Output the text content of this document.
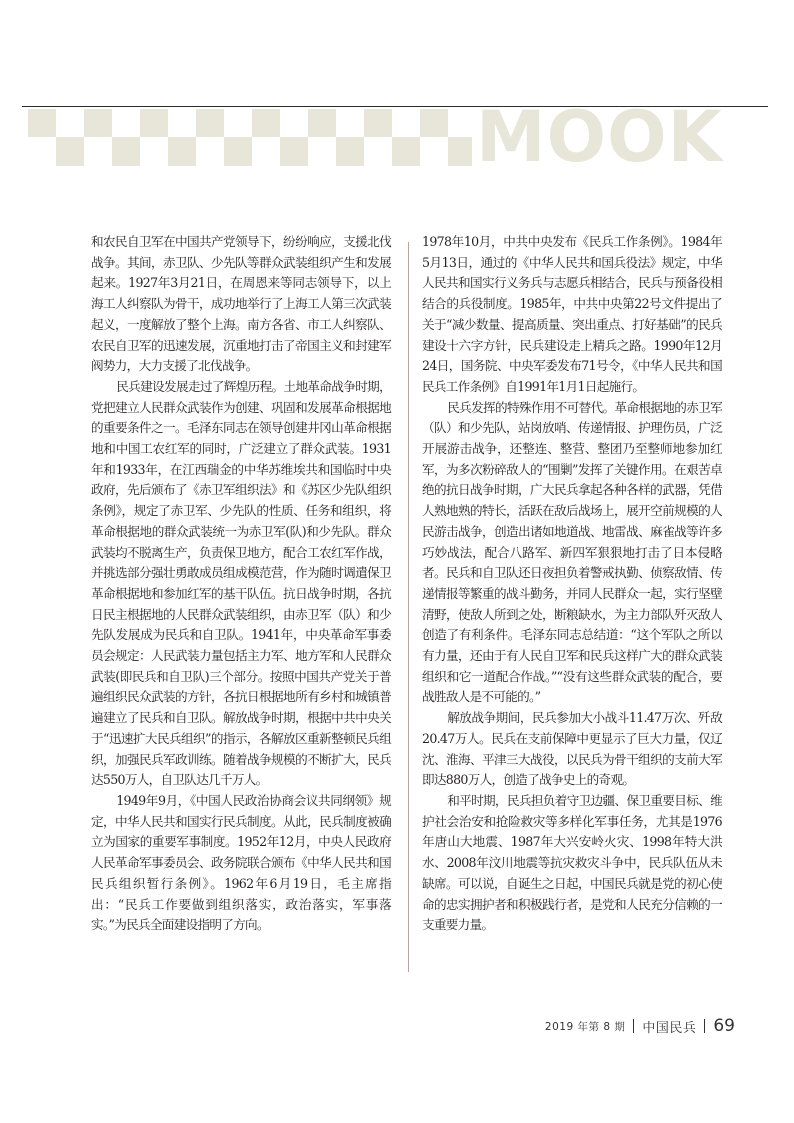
MOOK

和农民自卫军在中国共产党领导下，纷纷响应，支援北伐战争。其间，赤卫队、少先队等群众武装组织产生和发展起来。1927年3月21日，在周恩来等同志领导下，以上海工人纠察队为骨干，成功地举行了上海工人第三次武装起义，一度解放了整个上海。南方各省、市工人纠察队、农民自卫军的迅速发展，沉重地打击了帝国主义和封建军阀势力，大力支援了北伐战争。

民兵建设发展走过了辉煌历程。土地革命战争时期，党把建立人民群众武装作为创建、巩固和发展革命根据地的重要条件之一。毛泽东同志在领导创建井冈山革命根据地和中国工农红军的同时，广泛建立了群众武装。1931年和1933年，在江西瑞金的中华苏维埃共和国临时中央政府，先后颁布了《赤卫军组织法》和《苏区少先队组织条例》，规定了赤卫军、少先队的性质、任务和组织，将革命根据地的群众武装统一为赤卫军(队)和少先队。群众武装均不脱离生产，负责保卫地方，配合工农红军作战，并挑选部分强壮勇敢成员组成模范营，作为随时调遣保卫革命根据地和参加红军的基干队伍。抗日战争时期，各抗日民主根据地的人民群众武装组织，由赤卫军（队）和少先队发展成为民兵和自卫队。1941年，中央革命军事委员会规定：人民武装力量包括主力军、地方军和人民群众武装(即民兵和自卫队)三个部分。按照中国共产党关于普遍组织民众武装的方针，各抗日根据地所有乡村和城镇普遍建立了民兵和自卫队。解放战争时期，根据中共中央关于“迅速扩大民兵组织”的指示，各解放区重新整顿民兵组织，加强民兵军政训练。随着战争规模的不断扩大，民兵达550万人，自卫队达几千万人。

1949年9月，《中国人民政治协商会议共同纲领》规定，中华人民共和国实行民兵制度。从此，民兵制度被确立为国家的重要军事制度。1952年12月，中央人民政府人民革命军事委员会、政务院联合颁布《中华人民共和国民兵组织暂行条例》。1962年6月19日，毛主席指出：“民兵工作要做到组织落实，政治落实，军事落实。”为民兵全面建设指明了方向。

1978年10月，中共中央发布《民兵工作条例》。1984年5月13日，通过的《中华人民共和国兵役法》规定，中华人民共和国实行义务兵与志愿兵相结合，民兵与预备役相结合的兵役制度。1985年，中共中央第22号文件提出了关于“减少数量、提高质量、突出重点、打好基础”的民兵建设十六字方针，民兵建设走上精兵之路。1990年12月24日，国务院、中央军委发布71号令，《中华人民共和国民兵工作条例》自1991年1月1日起施行。

民兵发挥的特殊作用不可替代。革命根据地的赤卫军（队）和少先队，站岗放哨、传递情报、护理伤员，广泛开展游击战争，还整连、整营、整团乃至整师地参加红军，为多次粉碎敌人的“围剿”发挥了关键作用。在艰苦卓绝的抗日战争时期，广大民兵拿起各种各样的武器，凭借人熟地熟的特长，活跃在敌后战场上，展开空前规模的人民游击战争，创造出诸如地道战、地雷战、麻雀战等许多巧妙战法，配合八路军、新四军狠狠地打击了日本侵略者。民兵和自卫队还日夜担负着警戒执勤、侦察敌情、传递情报等繁重的战斗勤务，并同人民群众一起，实行坚壁清野，使敌人所到之处，断粮缺水，为主力部队歼灭敌人创造了有利条件。毛泽东同志总结道：“这个军队之所以有力量，还由于有人民自卫军和民兵这样广大的群众武装组织和它一道配合作战。”“没有这些群众武装的配合，要战胜敌人是不可能的。”

解放战争期间，民兵参加大小战斗11.47万次、歼敌20.47万人。民兵在支前保障中更显示了巨大力量，仅辽沈、淮海、平津三大战役，以民兵为骨干组织的支前大军即达880万人，创造了战争史上的奇观。

和平时期，民兵担负着守卫边疆、保卫重要目标、维护社会治安和抢险救灾等多样化军事任务，尤其是1976年唐山大地震、1987年大兴安岭火灾、1998年特大洪水、2008年汶川地震等抗灾救灾斗争中，民兵队伍从未缺席。可以说，自诞生之日起，中国民兵就是党的初心使命的忠实拥护者和积极践行者，是党和人民充分信赖的一支重要力量。

2019 年第 8 期 中国民兵 69
